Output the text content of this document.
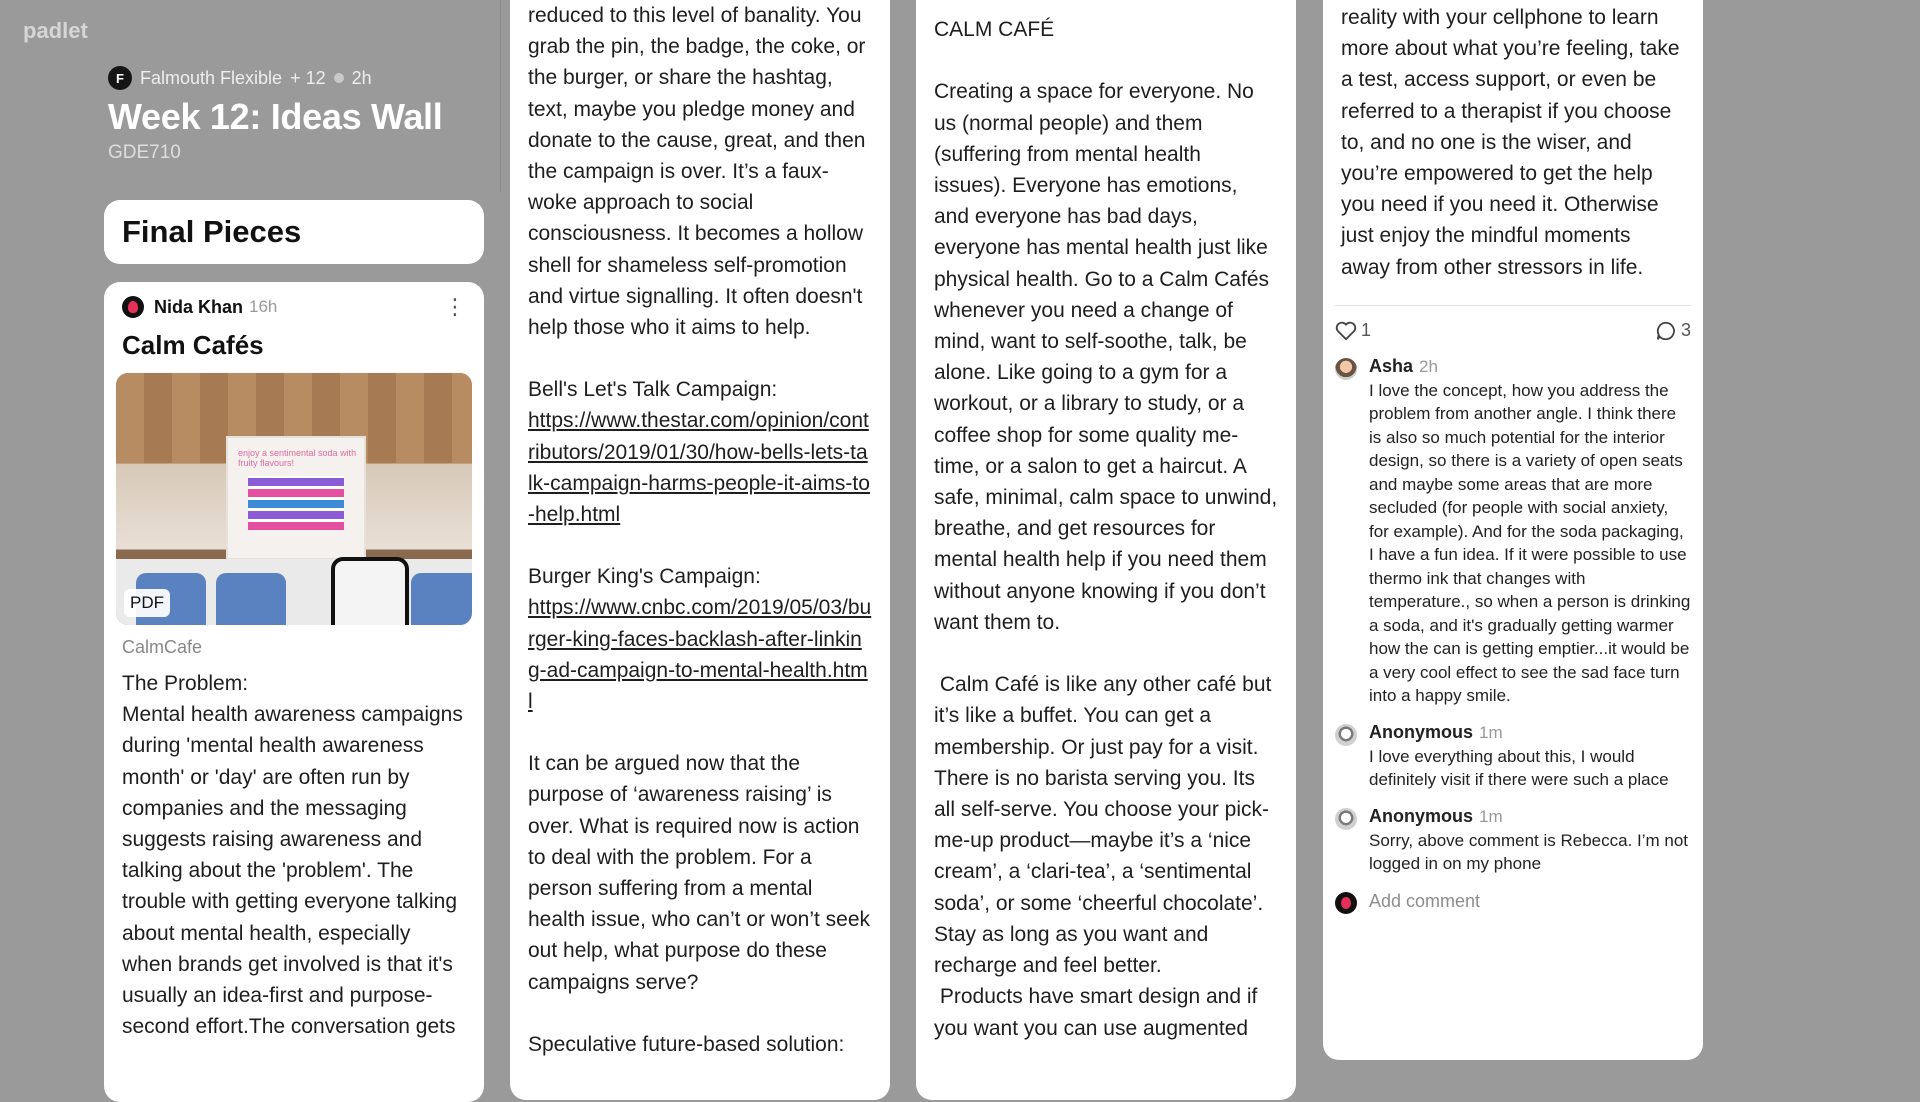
padlet
F Falmouth Flexible + 12 2h
Week 12: Ideas Wall
GDE710
Final Pieces
Nida Khan 16h	⋮
Calm Cafés
enjoy a sentimental soda with fruity flavours!
PDF
CalmCafe
The Problem:
Mental health awareness campaigns during 'mental health awareness month' or 'day' are often run by companies and the messaging suggests raising awareness and talking about the 'problem'. The trouble with getting everyone talking about mental health, especially when brands get involved is that it's usually an idea-first and purpose-second effort.The conversation gets
reduced to this level of banality. You grab the pin, the badge, the coke, or the burger, or share the hashtag, text, maybe you pledge money and donate to the cause, great, and then the campaign is over. It’s a faux-woke approach to social consciousness. It becomes a hollow shell for shameless self-promotion and virtue signalling. It often doesn't help those who it aims to help.
Bell's Let's Talk Campaign:
https://www.thestar.com/opinion/contributors/2019/01/30/how-bells-lets-talk-campaign-harms-people-it-aims-to-help.html
Burger King's Campaign:
https://www.cnbc.com/2019/05/03/burger-king-faces-backlash-after-linking-ad-campaign-to-mental-health.html
It can be argued now that the purpose of ‘awareness raising’ is over. What is required now is action to deal with the problem. For a person suffering from a mental health issue, who can’t or won’t seek out help, what purpose do these campaigns serve?
Speculative future-based solution:
CALM CAFÉ

Creating a space for everyone. No us (normal people) and them (suffering from mental health issues). Everyone has emotions, and everyone has bad days, everyone has mental health just like physical health. Go to a Calm Cafés whenever you need a change of mind, want to self-soothe, talk, be alone. Like going to a gym for a workout, or a library to study, or a coffee shop for some quality me-time, or a salon to get a haircut. A safe, minimal, calm space to unwind, breathe, and get resources for mental health help if you need them without anyone knowing if you don’t want them to.

Calm Café is like any other café but it’s like a buffet. You can get a membership. Or just pay for a visit. There is no barista serving you. Its all self-serve. You choose your pick-me-up product—maybe it’s a ‘nice cream’, a ‘clari-tea’, a ‘sentimental soda’, or some ‘cheerful chocolate’. Stay as long as you want and recharge and feel better.
Products have smart design and if you want you can use augmented
reality with your cellphone to learn more about what you’re feeling, take a test, access support, or even be referred to a therapist if you choose to, and no one is the wiser, and you’re empowered to get the help you need if you need it. Otherwise just enjoy the mindful moments away from other stressors in life.
1	3
Asha 2h
I love the concept, how you address the problem from another angle. I think there is also so much potential for the interior design, so there is a variety of open seats and maybe some areas that are more secluded (for people with social anxiety, for example). And for the soda packaging, I have a fun idea. If it were possible to use thermo ink that changes with temperature., so when a person is drinking a soda, and it's gradually getting warmer how the can is getting emptier...it would be a very cool effect to see the sad face turn into a happy smile.
Anonymous 1m
I love everything about this, I would definitely visit if there were such a place
Anonymous 1m
Sorry, above comment is Rebecca. I’m not logged in on my phone
Add comment
